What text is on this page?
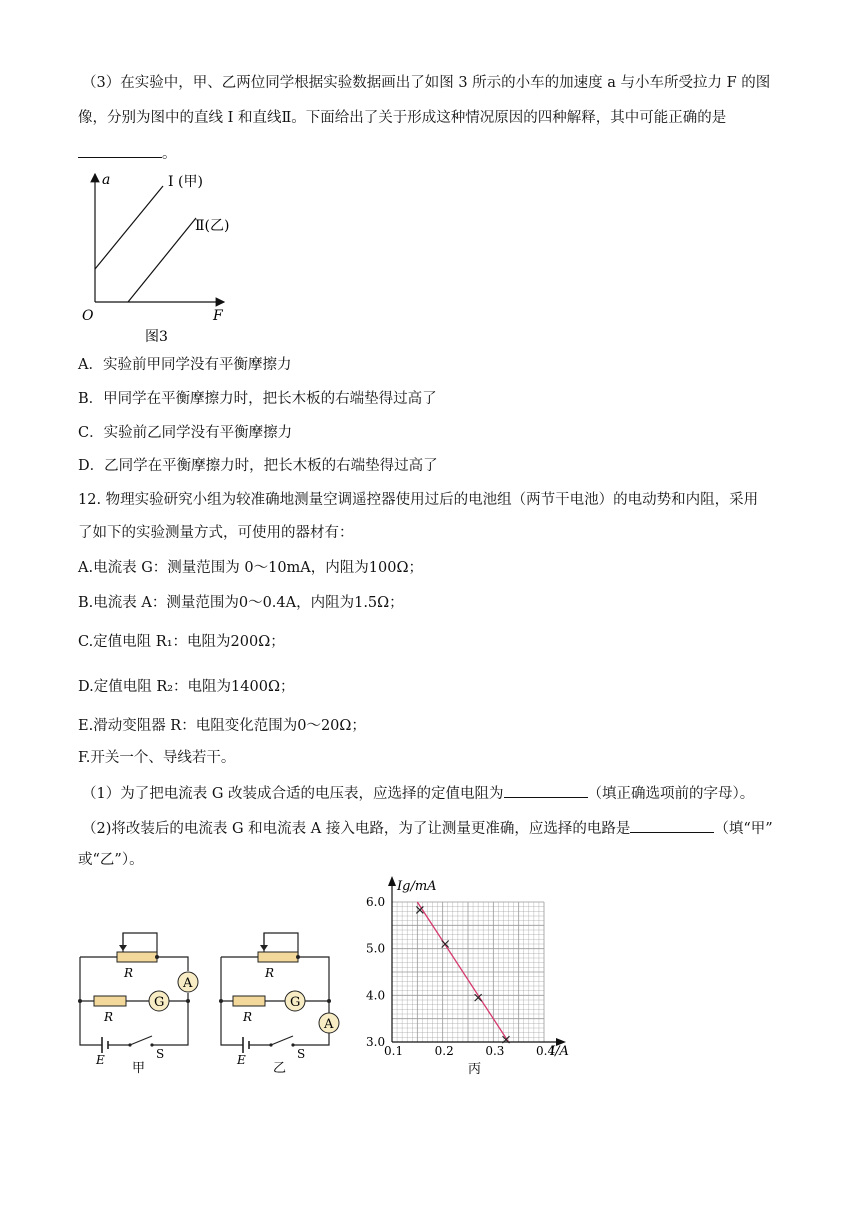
（3）在实验中，甲、乙两位同学根据实验数据画出了如图 3 所示的小车的加速度 a 与小车所受拉力 F 的图
像，分别为图中的直线 I 和直线Ⅱ。下面给出了关于形成这种情况原因的四种解释，其中可能正确的是
。
a
F
O
I (甲)
Ⅱ(乙)
图3
A．实验前甲同学没有平衡摩擦力
B．甲同学在平衡摩擦力时，把长木板的右端垫得过高了
C．实验前乙同学没有平衡摩擦力
D．乙同学在平衡摩擦力时，把长木板的右端垫得过高了
12. 物理实验研究小组为较准确地测量空调遥控器使用过后的电池组（两节干电池）的电动势和内阻，采用
了如下的实验测量方式，可使用的器材有：
A.电流表 G：测量范围为 0～10mA，内阻为100Ω；
B.电流表 A：测量范围为0～0.4A，内阻为1.5Ω；
C.定值电阻 R₁：电阻为200Ω；
D.定值电阻 R₂：电阻为1400Ω；
E.滑动变阻器 R：电阻变化范围为0～20Ω；
F.开关一个、导线若干。
（1）为了把电流表 G 改装成合适的电压表，应选择的定值电阻为	（填正确选项前的字母）。
（2)将改装后的电流表 G 和电流表 A 接入电路，为了让测量更准确，应选择的电路是	（填“甲”
或“乙”）。
A
G
R
R
E	S
甲
G
A
R
R
E	S
乙
0.1	0.2	0.3	0.4
3.0
4.0
5.0
6.0
Ig/mA
I/A
丙
